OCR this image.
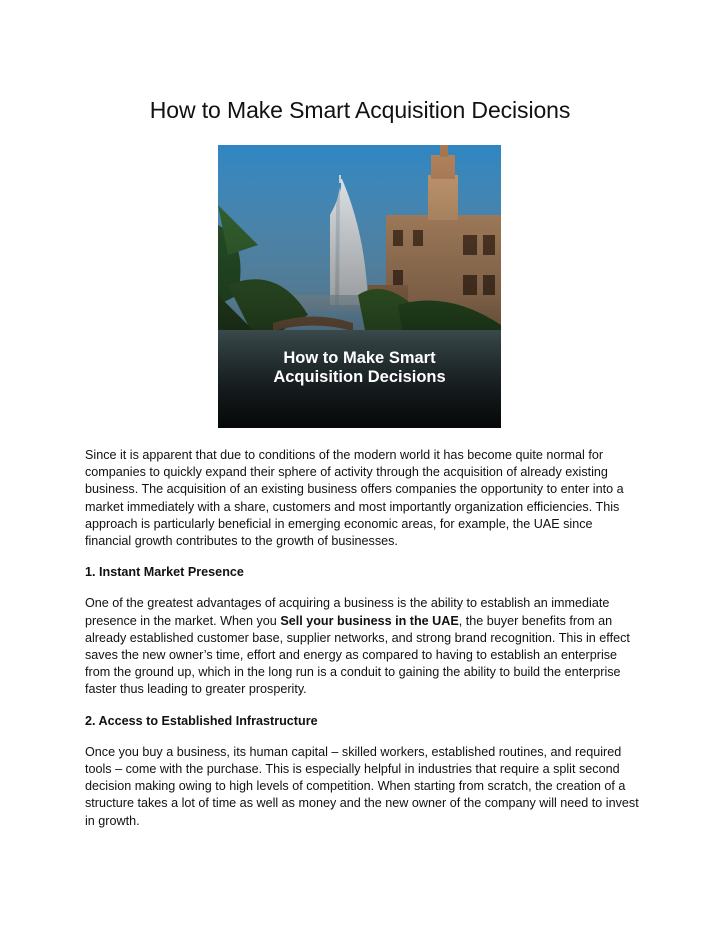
How to Make Smart Acquisition Decisions
How to Make Smart
Acquisition Decisions

Since it is apparent that due to conditions of the modern world it has become quite normal for companies to quickly expand their sphere of activity through the acquisition of already existing business. The acquisition of an existing business offers companies the opportunity to enter into a market immediately with a share, customers and most importantly organization efficiencies. This approach is particularly beneficial in emerging economic areas, for example, the UAE since financial growth contributes to the growth of businesses.

1. Instant Market Presence

One of the greatest advantages of acquiring a business is the ability to establish an immediate presence in the market. When you Sell your business in the UAE, the buyer benefits from an already established customer base, supplier networks, and strong brand recognition. This in effect saves the new owner’s time, effort and energy as compared to having to establish an enterprise from the ground up, which in the long run is a conduit to gaining the ability to build the enterprise faster thus leading to greater prosperity.

2. Access to Established Infrastructure

Once you buy a business, its human capital – skilled workers, established routines, and required tools – come with the purchase. This is especially helpful in industries that require a split second decision making owing to high levels of competition. When starting from scratch, the creation of a structure takes a lot of time as well as money and the new owner of the company will need to invest in growth.
